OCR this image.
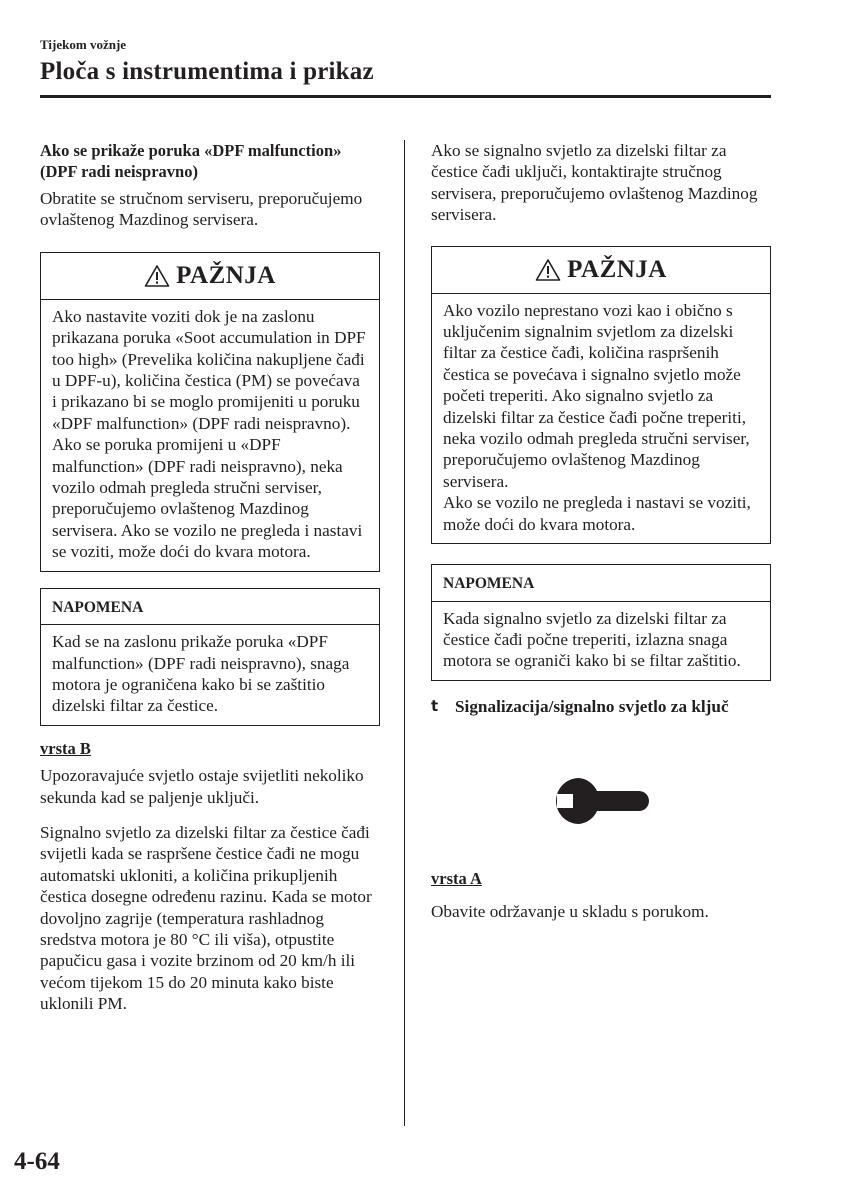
Tijekom vožnje
Ploča s instrumentima i prikaz
Ako se prikaže poruka «DPF malfunction» (DPF radi neispravno)

Obratite se stručnom serviseru, preporučujemo ovlaštenog Mazdinog servisera.

PAŽNJA
Ako nastavite voziti dok je na zaslonu prikazana poruka «Soot accumulation in DPF too high» (Prevelika količina nakupljene čađi u DPF-u), količina čestica (PM) se povećava i prikazano bi se moglo promijeniti u poruku «DPF malfunction» (DPF radi neispravno). Ako se poruka promijeni u «DPF malfunction» (DPF radi neispravno), neka vozilo odmah pregleda stručni serviser, preporučujemo ovlaštenog Mazdinog servisera. Ako se vozilo ne pregleda i nastavi se voziti, može doći do kvara motora.
NAPOMENA
Kad se na zaslonu prikaže poruka «DPF malfunction» (DPF radi neispravno), snaga motora je ograničena kako bi se zaštitio dizelski filtar za čestice.
vrsta B

Upozoravajuće svjetlo ostaje svijetliti nekoliko sekunda kad se paljenje uključi.

Signalno svjetlo za dizelski filtar za čestice čađi svijetli kada se raspršene čestice čađi ne mogu automatski ukloniti, a količina prikupljenih čestica dosegne određenu razinu. Kada se motor dovoljno zagrije (temperatura rashladnog sredstva motora je 80 °C ili viša), otpustite papučicu gasa i vozite brzinom od 20 km/h ili većom tijekom 15 do 20 minuta kako biste uklonili PM.

Ako se signalno svjetlo za dizelski filtar za čestice čađi uključi, kontaktirajte stručnog servisera, preporučujemo ovlaštenog Mazdinog servisera.

PAŽNJA
Ako vozilo neprestano vozi kao i obično s uključenim signalnim svjetlom za dizelski filtar za čestice čađi, količina raspršenih čestica se povećava i signalno svjetlo može početi treperiti. Ako signalno svjetlo za dizelski filtar za čestice čađi počne treperiti, neka vozilo odmah pregleda stručni serviser, preporučujemo ovlaštenog Mazdinog servisera.
Ako se vozilo ne pregleda i nastavi se voziti, može doći do kvara motora.
NAPOMENA
Kada signalno svjetlo za dizelski filtar za čestice čađi počne treperiti, izlazna snaga motora se ograniči kako bi se filtar zaštitio.
t Signalizacija/signalno svjetlo za ključ
vrsta A

Obavite održavanje u skladu s porukom.

4-64
